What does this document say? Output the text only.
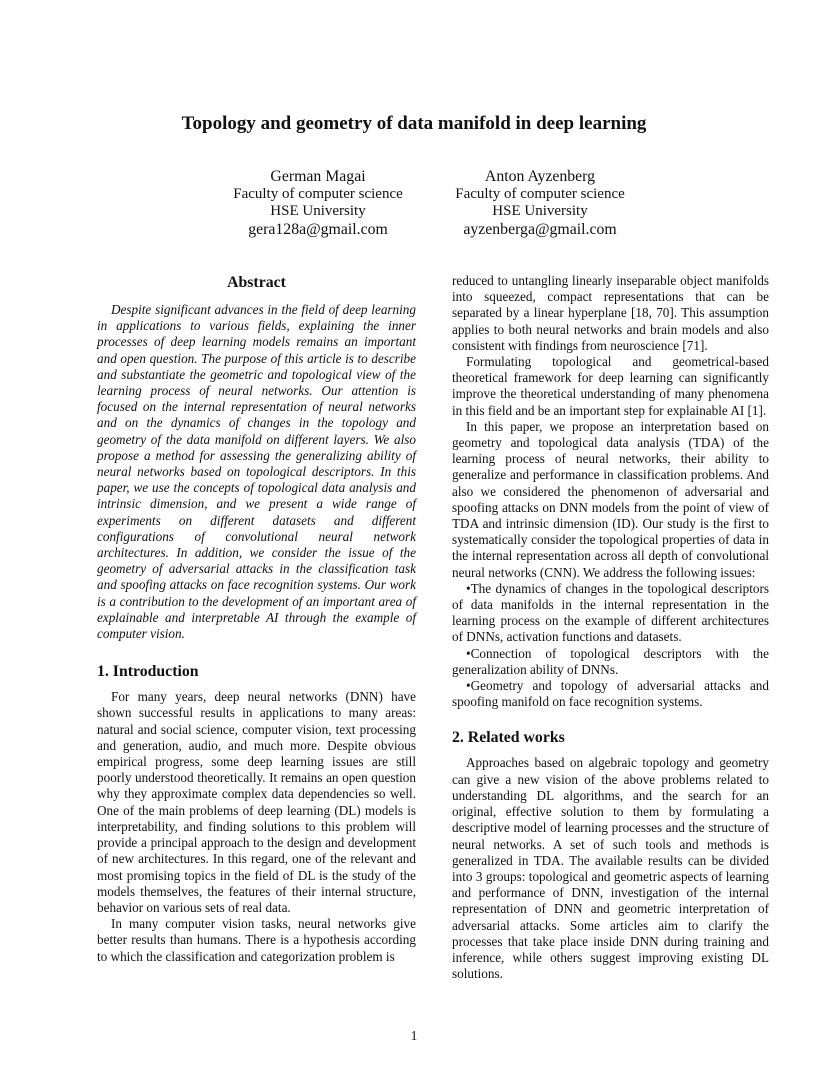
Topology and geometry of data manifold in deep learning
German Magai
Faculty of computer science
HSE University
gera128a@gmail.com
Anton Ayzenberg
Faculty of computer science
HSE University
ayzenberga@gmail.com
Abstract

Despite significant advances in the field of deep learning in applications to various fields, explaining the inner processes of deep learning models remains an important and open question. The purpose of this article is to describe and substantiate the geometric and topological view of the learning process of neural networks. Our attention is focused on the internal representation of neural networks and on the dynamics of changes in the topology and geometry of the data manifold on different layers. We also propose a method for assessing the generalizing ability of neural networks based on topological descriptors. In this paper, we use the concepts of topological data analysis and intrinsic dimension, and we present a wide range of experiments on different datasets and different configurations of convolutional neural network architectures. In addition, we consider the issue of the geometry of adversarial attacks in the classification task and spoofing attacks on face recognition systems. Our work is a contribution to the development of an important area of explainable and interpretable AI through the example of computer vision.

1. Introduction

For many years, deep neural networks (DNN) have shown successful results in applications to many areas: natural and social science, computer vision, text processing and generation, audio, and much more. Despite obvious empirical progress, some deep learning issues are still poorly understood theoretically. It remains an open question why they approximate complex data dependencies so well. One of the main problems of deep learning (DL) models is interpretability, and finding solutions to this problem will provide a principal approach to the design and development of new architectures. In this regard, one of the relevant and most promising topics in the field of DL is the study of the models themselves, the features of their internal structure, behavior on various sets of real data.

In many computer vision tasks, neural networks give better results than humans. There is a hypothesis according to which the classification and categorization problem is

reduced to untangling linearly inseparable object manifolds into squeezed, compact representations that can be separated by a linear hyperplane [18, 70]. This assumption applies to both neural networks and brain models and also consistent with findings from neuroscience [71].

Formulating topological and geometrical-based theoretical framework for deep learning can significantly improve the theoretical understanding of many phenomena in this field and be an important step for explainable AI [1].

In this paper, we propose an interpretation based on geometry and topological data analysis (TDA) of the learning process of neural networks, their ability to generalize and performance in classification problems. And also we considered the phenomenon of adversarial and spoofing attacks on DNN models from the point of view of TDA and intrinsic dimension (ID). Our study is the first to systematically consider the topological properties of data in the internal representation across all depth of convolutional neural networks (CNN). We address the following issues:

•The dynamics of changes in the topological descriptors of data manifolds in the internal representation in the learning process on the example of different architectures of DNNs, activation functions and datasets.

•Connection of topological descriptors with the generalization ability of DNNs.

•Geometry and topology of adversarial attacks and spoofing manifold on face recognition systems.

2. Related works

Approaches based on algebraic topology and geometry can give a new vision of the above problems related to understanding DL algorithms, and the search for an original, effective solution to them by formulating a descriptive model of learning processes and the structure of neural networks. A set of such tools and methods is generalized in TDA. The available results can be divided into 3 groups: topological and geometric aspects of learning and performance of DNN, investigation of the internal representation of DNN and geometric interpretation of adversarial attacks. Some articles aim to clarify the processes that take place inside DNN during training and inference, while others suggest improving existing DL solutions.

1
